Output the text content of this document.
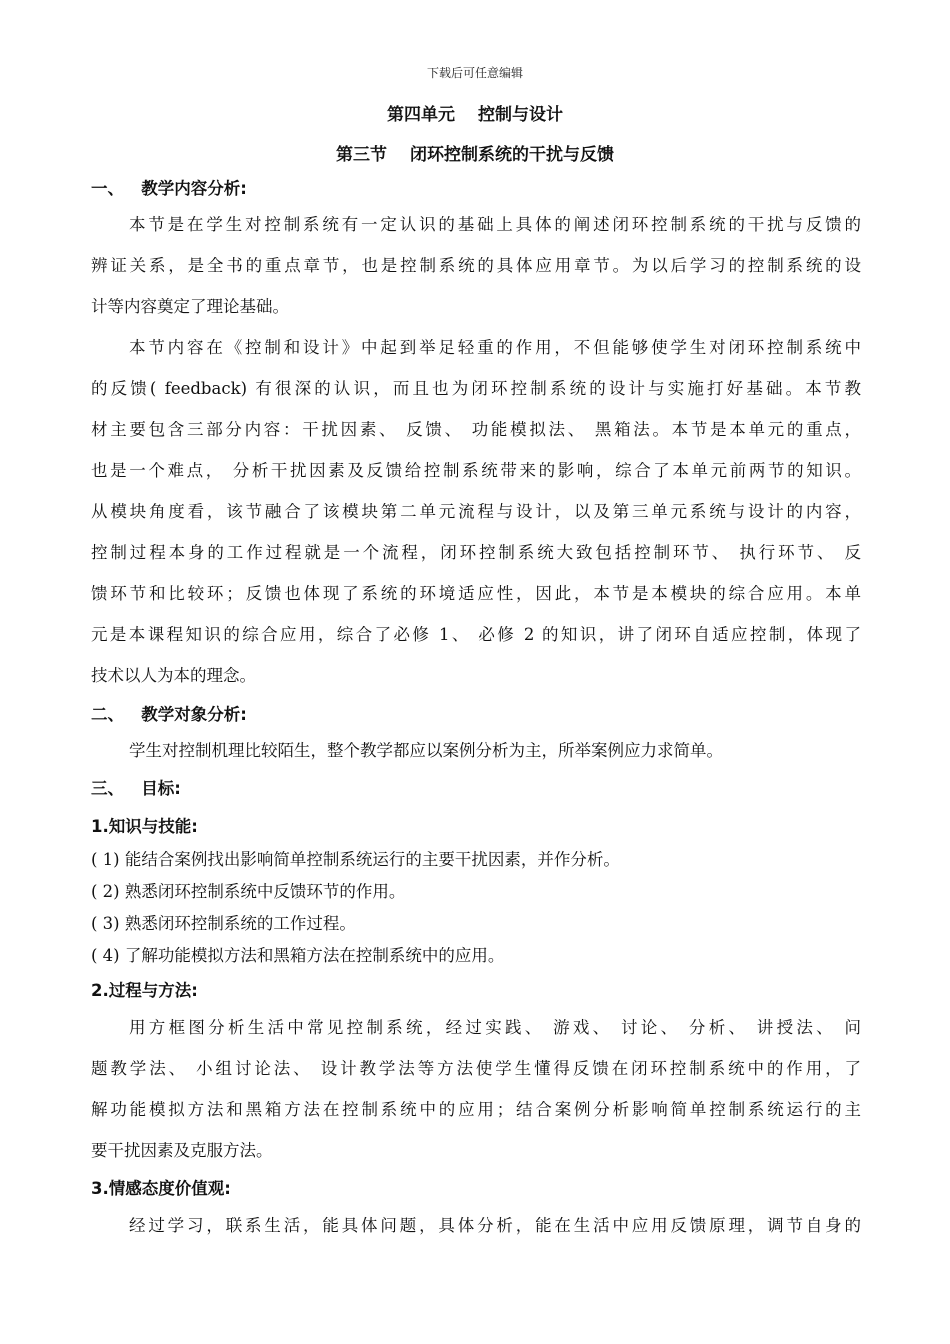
下载后可任意编辑
第四单元　 控制与设计
第三节　 闭环控制系统的干扰与反馈
一、 教学内容分析:
本节是在学生对控制系统有一定认识的基础上具体的阐述闭环控制系统的干扰与反馈的
辨证关系，是全书的重点章节，也是控制系统的具体应用章节。为以后学习的控制系统的设
计等内容奠定了理论基础。
本节内容在《控制和设计》中起到举足轻重的作用，不但能够使学生对闭环控制系统中
的反馈( feedback) 有很深的认识，而且也为闭环控制系统的设计与实施打好基础。本节教
材主要包含三部分内容：干扰因素、 反馈、 功能模拟法、 黑箱法。本节是本单元的重点，
也是一个难点， 分析干扰因素及反馈给控制系统带来的影响，综合了本单元前两节的知识。
从模块角度看，该节融合了该模块第二单元流程与设计，以及第三单元系统与设计的内容，
控制过程本身的工作过程就是一个流程，闭环控制系统大致包括控制环节、 执行环节、 反
馈环节和比较环；反馈也体现了系统的环境适应性，因此，本节是本模块的综合应用。本单
元是本课程知识的综合应用，综合了必修 1、 必修 2 的知识，讲了闭环自适应控制，体现了
技术以人为本的理念。
二、 教学对象分析:
学生对控制机理比较陌生，整个教学都应以案例分析为主，所举案例应力求简单。
三、 目标:
1.知识与技能:
( 1) 能结合案例找出影响简单控制系统运行的主要干扰因素，并作分析。
( 2) 熟悉闭环控制系统中反馈环节的作用。
( 3) 熟悉闭环控制系统的工作过程。
( 4) 了解功能模拟方法和黑箱方法在控制系统中的应用。
2.过程与方法:
用方框图分析生活中常见控制系统，经过实践、 游戏、 讨论、 分析、 讲授法、 问
题教学法、 小组讨论法、 设计教学法等方法使学生懂得反馈在闭环控制系统中的作用，了
解功能模拟方法和黑箱方法在控制系统中的应用；结合案例分析影响简单控制系统运行的主
要干扰因素及克服方法。
3.情感态度价值观:
经过学习，联系生活，能具体问题，具体分析，能在生活中应用反馈原理，调节自身的
